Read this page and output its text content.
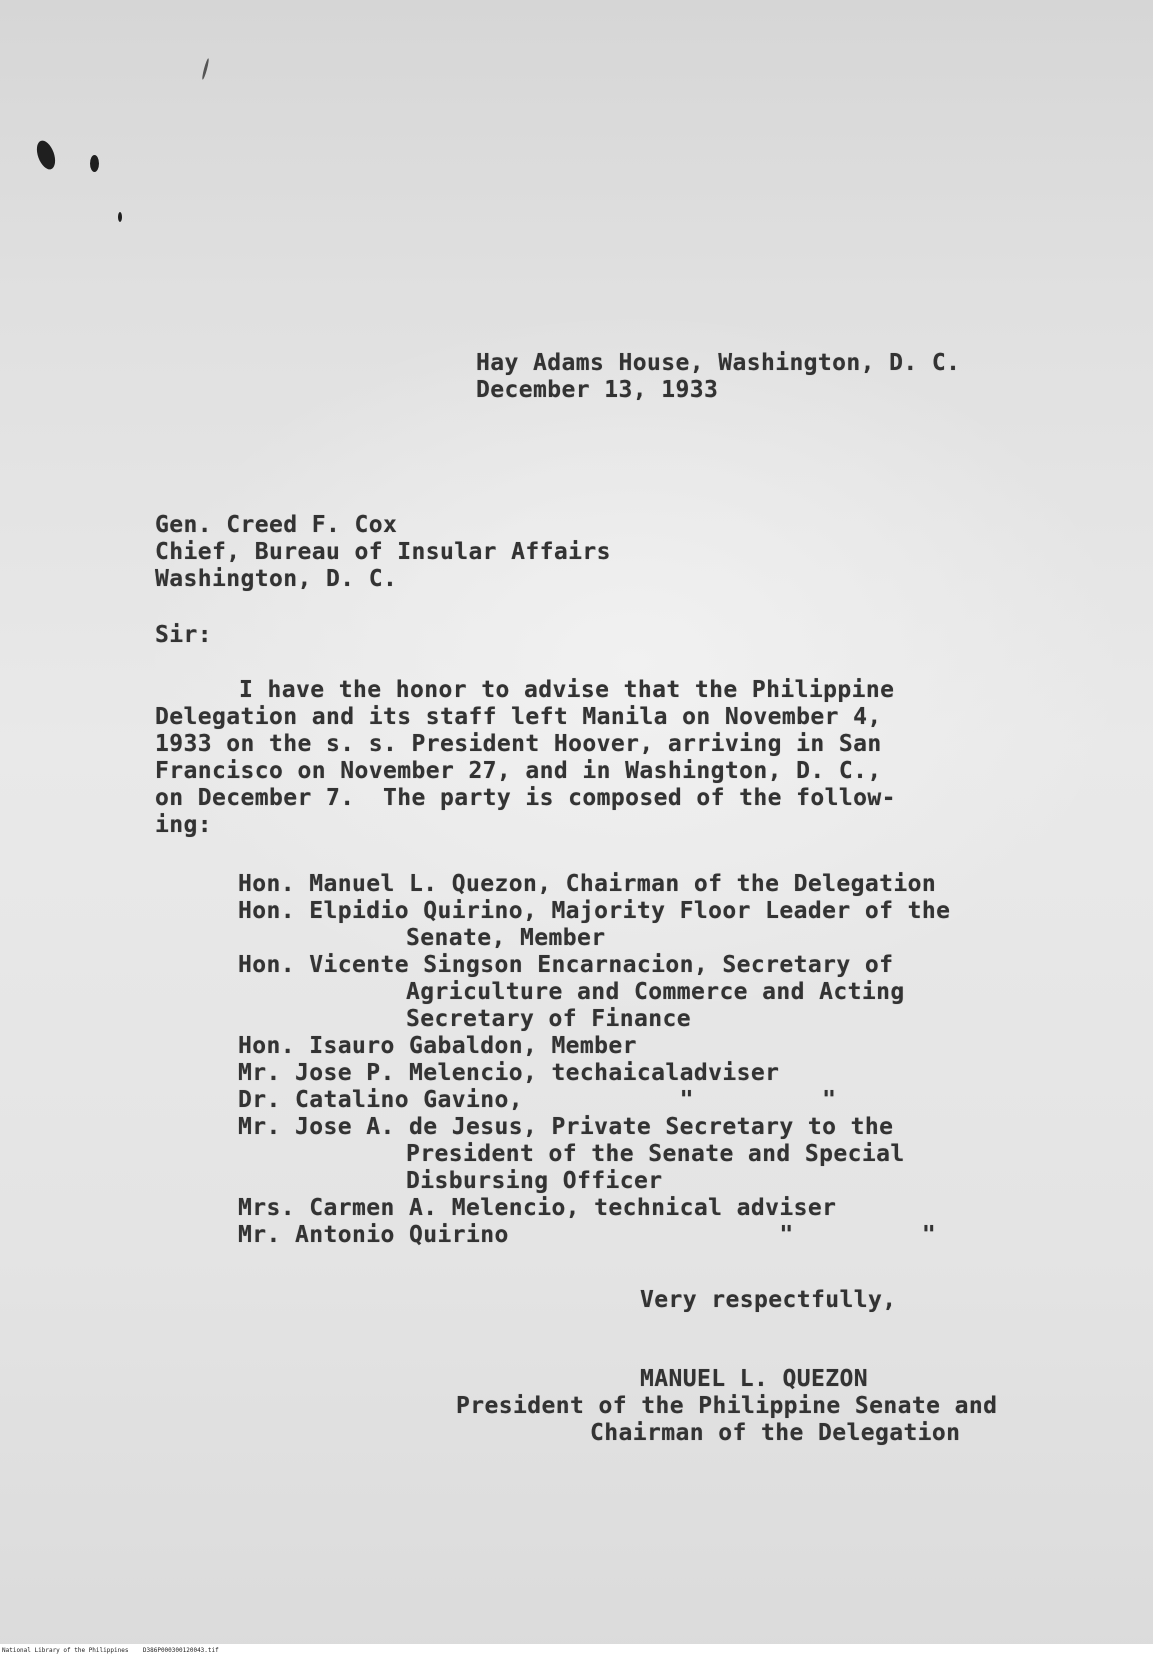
Hay Adams House, Washington, D. C.
December 13, 1933
Gen. Creed F. Cox
Chief, Bureau of Insular Affairs
Washington, D. C.
Sir:
I have the honor to advise that the Philippine
Delegation and its staff left Manila on November 4,
1933 on the s. s. President Hoover, arriving in San
Francisco on November 27, and in Washington, D. C.,
on December 7.  The party is composed of the follow-
ing:
Hon. Manuel L. Quezon, Chairman of the Delegation
Hon. Elpidio Quirino, Majority Floor Leader of the
Senate, Member
Hon. Vicente Singson Encarnacion, Secretary of
Agriculture and Commerce and Acting
Secretary of Finance
Hon. Isauro Gabaldon, Member
Mr. Jose P. Melencio, techaicaladviser
Dr. Catalino Gavino,           "         "
Mr. Jose A. de Jesus, Private Secretary to the
President of the Senate and Special
Disbursing Officer
Mrs. Carmen A. Melencio, technical adviser
Mr. Antonio Quirino                   "         "
Very respectfully,
MANUEL L. QUEZON
President of the Philippine Senate and
Chairman of the Delegation
National Library of the Philippines    D386P000300120043.tif
